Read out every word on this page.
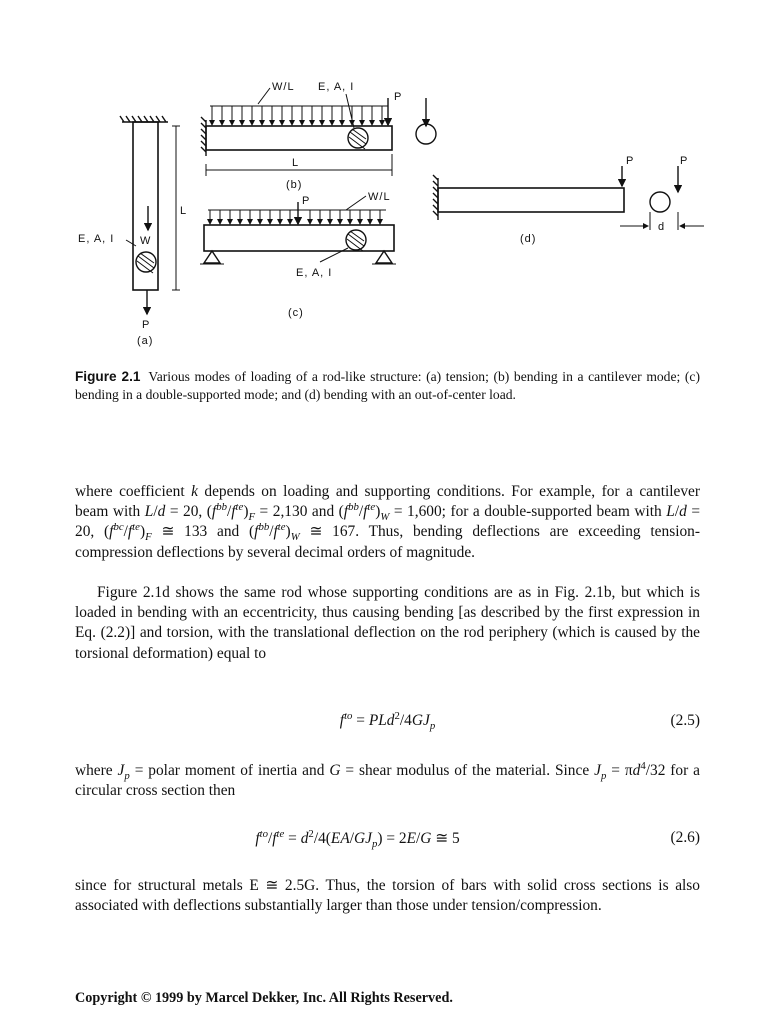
P
(a)
W
E, A, I
L
W/L E, A, I
P
L
(b)
P	W/L
E, A, I
(c)
P	P
d
(d)
Figure 2.1 Various modes of loading of a rod-like structure: (a) tension; (b) bending in a cantilever mode; (c) bending in a double-supported mode; and (d) bending with an out-of-center load.
where coefficient k depends on loading and supporting conditions. For example, for a cantilever beam with L/d = 20, $(f^{bb}/f^{te})_F = 2,130$ and $(f^{bb}/f^{te})_W = 1,600$; for a double-supported beam with L/d = 20, $(f^{bc}/f^{te})_F$ ≅ 133 and $(f^{bb}/f^{te})_W$ ≅ 167. Thus, bending deflections are exceeding tension-compression deflections by several decimal orders of magnitude.
Figure 2.1d shows the same rod whose supporting conditions are as in Fig. 2.1b, but which is loaded in bending with an eccentricity, thus causing bending [as described by the first expression in Eq. (2.2)] and torsion, with the translational deflection on the rod periphery (which is caused by the torsional deformation) equal to
$f^{to} = PLd^2/4GJ_p$	(2.5)
where $J_p$ = polar moment of inertia and G = shear modulus of the material. Since $J_p = \pi d^4/32$ for a circular cross section then
$f^{to}/f^{te} = d^2/4(EA/GJ_p) = 2E/G$ ≅ 5	(2.6)
since for structural metals E ≅ 2.5G. Thus, the torsion of bars with solid cross sections is also associated with deflections substantially larger than those under tension/compression.
Copyright © 1999 by Marcel Dekker, Inc. All Rights Reserved.
